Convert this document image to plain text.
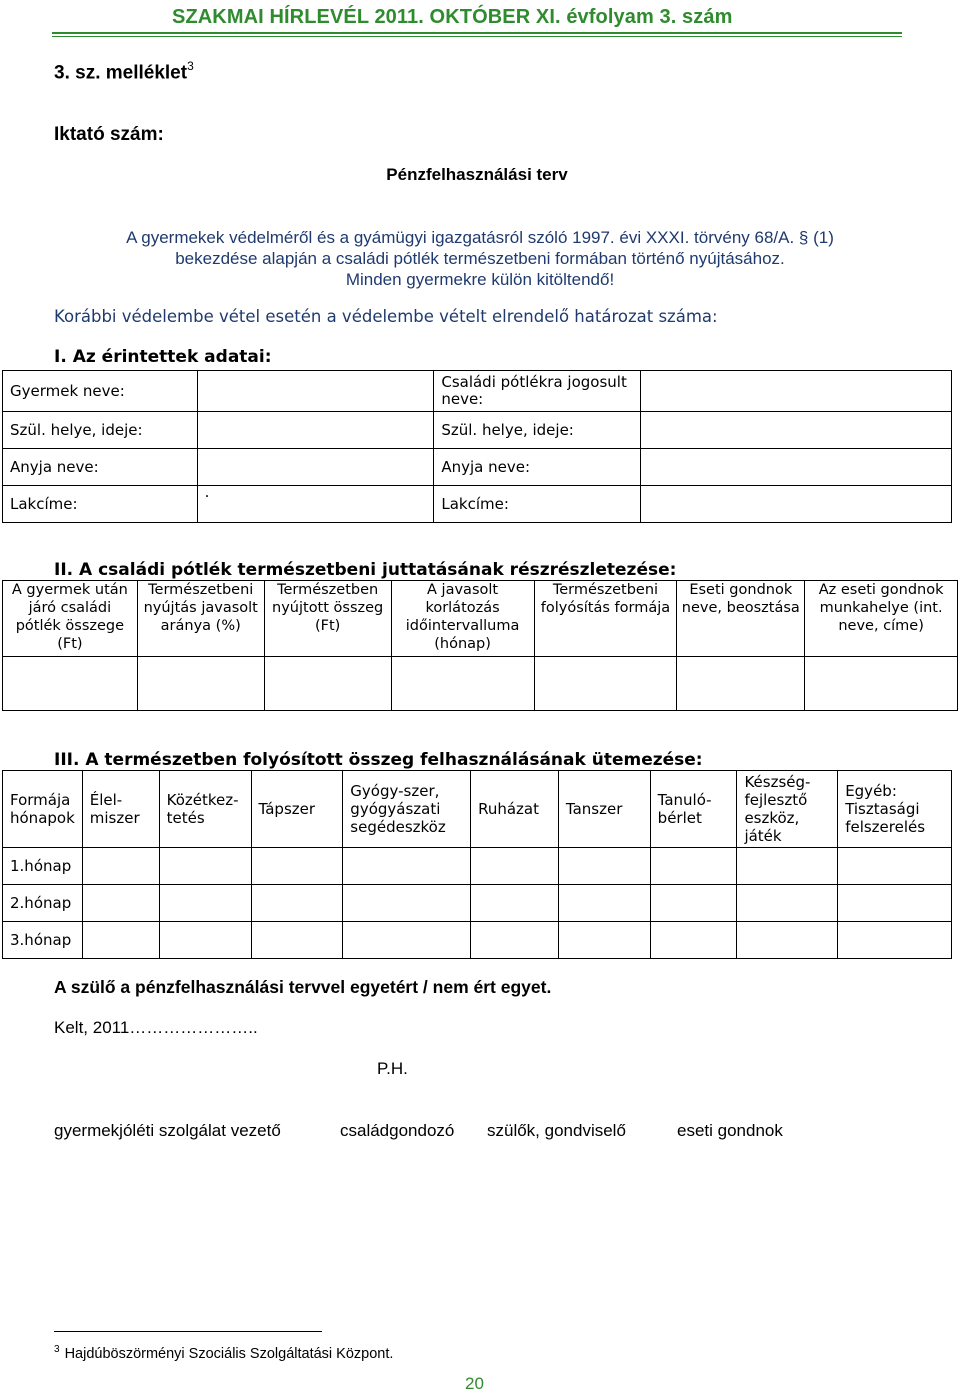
SZAKMAI HÍRLEVÉL 2011. OKTÓBER XI. évfolyam 3. szám
3. sz. melléklet$^3$
Iktató szám:
Pénzfelhasználási terv
A gyermekek védelméről és a gyámügyi igazgatásról szóló 1997. évi XXXI. törvény 68/A. § (1)
bekezdése alapján a családi pótlék természetbeni formában történő nyújtásához.
Minden gyermekre külön kitöltendő!
Korábbi védelembe vétel esetén a védelembe vételt elrendelő határozat száma:
I. Az érintettek adatai:
Gyermek neve:		Családi pótlékra jogosult neve:	
Szül. helye, ideje:		Szül. helye, ideje:	
Anyja neve:		Anyja neve:	
Lakcíme:	.	Lakcíme:	
II. A családi pótlék természetbeni juttatásának részrészletezése:
A gyermek után járó családi pótlék összege (Ft)	Természetbeni nyújtás javasolt aránya (%)	Természetben nyújtott összeg (Ft)	A javasolt korlátozás időintervalluma (hónap)	Természetbeni folyósítás formája	Eseti gondnok neve, beosztása	Az eseti gondnok munkahelye (int. neve, címe)

III. A természetben folyósított összeg felhasználásának ütemezése:
Formája hónapok	Élel-miszer	Közétkez-tetés	Tápszer	Gyógy-szer, gyógyászati segédeszköz	Ruházat	Tanszer	Tanuló-bérlet	Készség-fejlesztő eszköz, játék	Egyéb: Tisztasági felszerelés
1.hónap									
2.hónap									
3.hónap									
A szülő a pénzfelhasználási tervvel egyetért / nem ért egyet.
Kelt, 2011…………………..
P.H.
gyermekjóléti szolgálat vezető	családgondozó szülők, gondviselő	eseti gondnok
$^3$ Hajdúböszörményi Szociális Szolgáltatási Központ.
20
